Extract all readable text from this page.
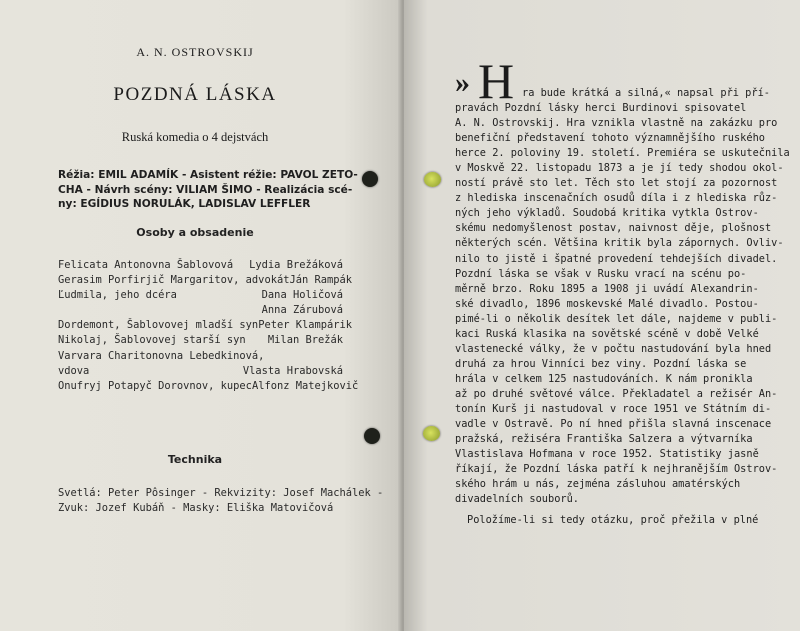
A. N. OSTROVSKIJ
POZDNÁ LÁSKA
Ruská komedia o 4 dejstvách
Réžia: EMIL ADAMÍK - Asistent réžie: PAVOL ZETO-
CHA - Návrh scény: VILIAM ŠIMO - Realizácia scé-
ny: EGÍDIUS NORULÁK, LADISLAV LEFFLER
Osoby a obsadenie
Felicata Antonovna Šablovová Lydia Brežáková
Gerasim Porfirjič Margaritov, advokát Ján Rampák
Ľudmila, jeho dcéra	Dana Holičová
Anna Zárubová
Dordemont, Šablovovej mladší syn Peter Klampárik
Nikolaj, Šablovovej starší syn Milan Brežák
Varvara Charitonovna Lebedkinová,
vdova	Vlasta Hrabovská
Onufryj Potapyč Dorovnov, kupec Alfonz Matejkovič
Technika
Svetlá: Peter Pôsinger - Rekvizity: Josef Machálek -
Zvuk: Jozef Kubáň - Masky: Eliška Matovičová
» H ra bude krátká a silná,« napsal při pří-
pravách Pozdní lásky herci Burdinovi spisovatel
A. N. Ostrovskij. Hra vznikla vlastně na zakázku pro
benefiční představení tohoto významnějšího ruského
herce 2. poloviny 19. století. Premiéra se uskutečnila
v Moskvě 22. listopadu 1873 a je jí tedy shodou okol-
ností právě sto let. Těch sto let stojí za pozornost
z hlediska inscenačních osudů díla i z hlediska růz-
ných jeho výkladů. Soudobá kritika vytkla Ostrov-
skému nedomyšlenost postav, naivnost děje, plošnost
některých scén. Většina kritik byla zápornych. Ovliv-
nilo to jistě i špatné provedení tehdejších divadel.
Pozdní láska se však v Rusku vrací na scénu po-
měrně brzo. Roku 1895 a 1908 ji uvádí Alexandrin-
ské divadlo, 1896 moskevské Malé divadlo. Postou-
pimé-li o několik desítek let dále, najdeme v publi-
kaci Ruská klasika na sovětské scéně v době Velké
vlastenecké války, že v počtu nastudování byla hned
druhá za hrou Vinníci bez viny. Pozdní láska se
hrála v celkem 125 nastudováních. K nám pronikla
až po druhé světové válce. Překladatel a režisér An-
tonín Kurš ji nastudoval v roce 1951 ve Státním di-
vadle v Ostravě. Po ní hned přišla slavná inscenace
pražská, režiséra Františka Salzera a výtvarníka
Vlastislava Hofmana v roce 1952. Statistiky jasně
říkají, že Pozdní láska patří k nejhranějším Ostrov-
ského hrám u nás, zejména zásluhou amatérských
divadelních souborů.
Položíme-li si tedy otázku, proč přežila v plné
